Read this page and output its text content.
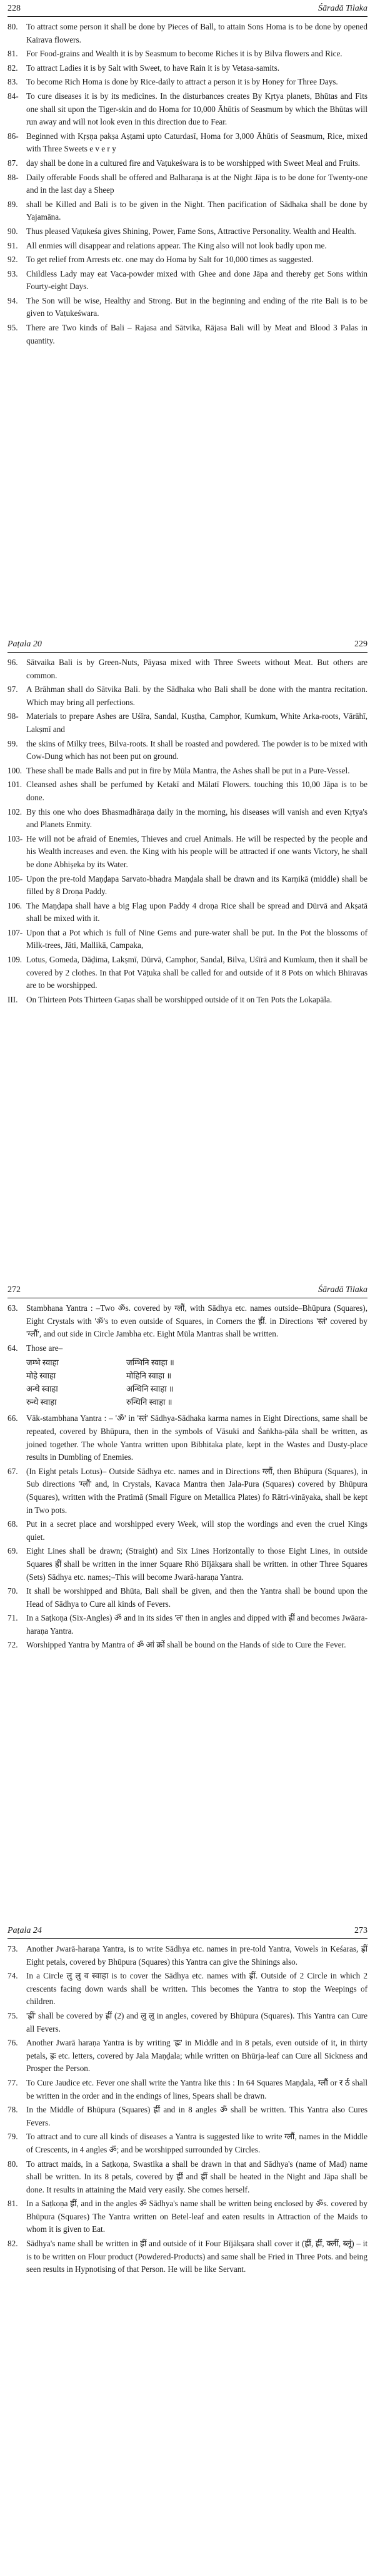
228	Śāradā Tilaka
80.	To attract some person it shall be done by Pieces of Ball, to attain Sons Homa is to be done by opened Kairava flowers.
81.	For Food-grains and Wealth it is by Seasmum to become Riches it is by Bilva flowers and Rice.
82.	To attract Ladies it is by Salt with Sweet, to have Rain it is by Vetasa-samits.
83.	To become Rich Homa is done by Rice-daily to attract a person it is by Honey for Three Days.
84- To cure diseases it is by its medicines. In the disturbances creates By Kṛtya planets, Bhūtas and Fits one shall sit upon the Tiger-skin and do Homa for 10,000 Āhūtis of Seasmum by which the Bhūtas will run away and will not look even in this direction due to Fear.
86- Beginned with Kṛṣṇa pakṣa Aṣṭami upto Caturdasī, Homa for 3,000 Āhūtis of Seasmum, Rice, mixed with Three Sweets e v e r y
87.	day shall be done in a cultured fire and Vaṭukeśwara is to be worshipped with Sweet Meal and Fruits.
88- Daily offerable Foods shall be offered and Balharaṇa is at the Night Jāpa is to be done for Twenty-one and in the last day a Sheep
89.	shall be Killed and Bali is to be given in the Night. Then pacification of Sādhaka shall be done by Yajamāna.
90.	Thus pleased Vaṭukeśa gives Shining, Power, Fame Sons, Attractive Personality. Wealth and Health.
91.	All enmies will disappear and relations appear. The King also will not look badly upon me.
92.	To get relief from Arrests etc. one may do Homa by Salt for 10,000 times as suggested.
93.	Childless Lady may eat Vaca-powder mixed with Ghee and done Jāpa and thereby get Sons within Fourty-eight Days.
94.	The Son will be wise, Healthy and Strong. But in the beginning and ending of the rite Bali is to be given to Vaṭukeśwara.
95.	There are Two kinds of Bali – Rajasa and Sātvika, Rājasa Bali will by Meat and Blood 3 Palas in quantity.
Paṭala 20	229
96.	Sātvaika Bali is by Green-Nuts, Pāyasa mixed with Three Sweets without Meat. But others are common.
97.	A Brāhman shall do Sātvika Bali. by the Sādhaka who Bali shall be done with the mantra recitation. Which may bring all perfections.
98- Materials to prepare Ashes are Uśīra, Sandal, Kuṣṭha, Camphor, Kumkum, White Arka-roots, Vārāhī, Lakṣmī and
99.	the skins of Milky trees, Bilva-roots. It shall be roasted and powdered. The powder is to be mixed with Cow-Dung which has not been put on ground.
100. These shall be made Balls and put in fire by Mūla Mantra, the Ashes shall be put in a Pure-Vessel.
101. Cleansed ashes shall be perfumed by Ketakī and Mālatī Flowers. touching this 10,00 Jāpa is to be done.
102. By this one who does Bhasmadhāraṇa daily in the morning, his diseases will vanish and even Kṛtya's and Planets Enmity.
103- He will not be afraid of Enemies, Thieves and cruel Animals. He will be respected by the people and his Wealth increases and even. the King with his people will be attracted if one wants Victory, he shall be done Abhiṣeka by its Water.
105- Upon the pre-told Maṇḍapa Sarvato-bhadra Maṇḍala shall be drawn and its Karṇikā (middle) shall be filled by 8 Droṇa Paddy.
106. The Maṇḍapa shall have a big Flag upon Paddy 4 droṇa Rice shall be spread and Dūrvā and Akṣatā shall be mixed with it.
107- Upon that a Pot which is full of Nine Gems and pure-water shall be put. In the Pot the blossoms of Milk-trees, Jāti, Mallikā, Campaka,
109. Lotus, Gomeda, Dāḍima, Lakṣmī, Dūrvā, Camphor, Sandal, Bilva, Uśīrā and Kumkum, then it shall be covered by 2 clothes. In that Pot Vāṭuka shall be called for and outside of it 8 Pots on which Bhiravas are to be worshipped.
III.	On Thirteen Pots Thirteen Gaṇas shall be worshipped outside of it on Ten Pots the Lokapāla.
272	Śāradā Tilaka
63.	Stambhana Yantra : –Two ॐs. covered by ग्लौं, with Sādhya etc. names outside–Bhūpura (Squares), Eight Crystals with 'ॐ's to even outside of Squares, in Corners the ह्रीं. in Directions 'स्तं' covered by 'ग्लौं', and out side in Circle Jambha etc. Eight Mūla Mantras shall be written.
64.	Those are–
जम्भे स्वाहा	जम्भिनि स्वाहा ॥
मोहे स्वाहा	मोहिनि स्वाहा ॥
अन्धे स्वाहा	अन्धिनि स्वाहा ॥
रुन्धे स्वाहा	रुन्धिनि स्वाहा ॥
66.	Vāk-stambhana Yantra : – 'ॐ' in 'स्तं' Sādhya-Sādhaka karma names in Eight Directions, same shall be repeated, covered by Bhūpura, then in the symbols of Vāsuki and Śaṅkha-pāla shall be written, as joined together. The whole Yantra written upon Bibhitaka plate, kept in the Wastes and Dusty-place results in Dumbling of Enemies.
67.	(In Eight petals Lotus)– Outside Sādhya etc. names and in Directions ग्लौं, then Bhūpura (Squares), in Sub directions 'ग्लौं' and, in Crystals, Kavaca Mantra then Jala-Pura (Squares) covered by Bhūpura (Squares), written with the Pratimā (Small Figure on Metallica Plates) fo Rātri-vināyaka, shall be kept in Two pots.
68.	Put in a secret place and worshipped every Week, will stop the wordings and even the cruel Kings quiet.
69.	Eight Lines shall be drawn; (Straight) and Six Lines Horizontally to those Eight Lines, in outside Squares ह्रीं shall be written in the inner Square Rhö Bījākṣara shall be written. in other Three Squares (Sets) Sādhya etc. names;–This will become Jwarā-haraṇa Yantra.
70.	It shall be worshipped and Bhūta, Bali shall be given, and then the Yantra shall be bound upon the Head of Sādhya to Cure all kinds of Fevers.
71.	In a Saṭkoṇa (Six-Angles) ॐ and in its sides 'ल' then in angles and dipped with ह्रीं and becomes Jwāara-haraṇa Yantra.
72.	Worshipped Yantra by Mantra of ॐ आं क्रों shall be bound on the Hands of side to Cure the Fever.
Paṭala 24	273
73.	Another Jwarā-haraṇa Yantra, is to write Sādhya etc. names in pre-told Yantra, Vowels in Keśaras, ह्रीं Eight petals, covered by Bhūpura (Squares) this Yantra can give the Shinings also.
74.	In a Circle लु लु व स्वाहा is to cover the Sādhya etc. names with ह्रीं. Outside of 2 Circle in which 2 crescents facing down wards shall be written. This becomes the Yantra to stop the Weepings of children.
75.	'ह्रीं' shall be covered by ह्रीं (2) and लु लु in angles, covered by Bhūpura (Squares). This Yantra can Cure all Fevers.
76.	Another Jwarā haraṇa Yantra is by writing 'ह्रः' in Middle and in 8 petals, even outside of it, in thirty petals, ह्रः etc. letters, covered by Jala Maṇḍala; while written on Bhūrja-leaf can Cure all Sickness and Prosper the Person.
77.	To Cure Jaudice etc. Fever one shall write the Yantra like this : In 64 Squares Maṇḍala, ग्लौं or र र्ठ shall be written in the order and in the endings of lines, Spears shall be drawn.
78.	In the Middle of Bhūpura (Squares) ह्रीं and in 8 angles ॐ shall be written. This Yantra also Cures Fevers.
79.	To attract and to cure all kinds of diseases a Yantra is suggested like to write ग्लौं, names in the Middle of Crescents, in 4 angles ॐ; and be worshipped surrounded by Circles.
80.	To attract maids, in a Saṭkoṇa, Swastika a shall be drawn in that and Sādhya's (name of Mad) name shall be written. In its 8 petals, covered by ह्रीं and ह्रीं shall be heated in the Night and Jāpa shall be done. It results in attaining the Maid very easily. She comes herself.
81.	In a Saṭkoṇa ह्रीं, and in the angles ॐ Sādhya's name shall be written being enclosed by ॐs. covered by Bhūpura (Squares) The Yantra written on Betel-leaf and eaten results in Attraction of the Maids to whom it is given to Eat.
82.	Sādhya's name shall be written in ह्रीं and outside of it Four Bījākṣara shall cover it (ह्रीं, ह्रीं, क्लीं, ब्लूं) – it is to be written on Flour product (Powdered-Products) and same shall be Fried in Three Pots. and being seen results in Hypnotising of that Person. He will be like Servant.
